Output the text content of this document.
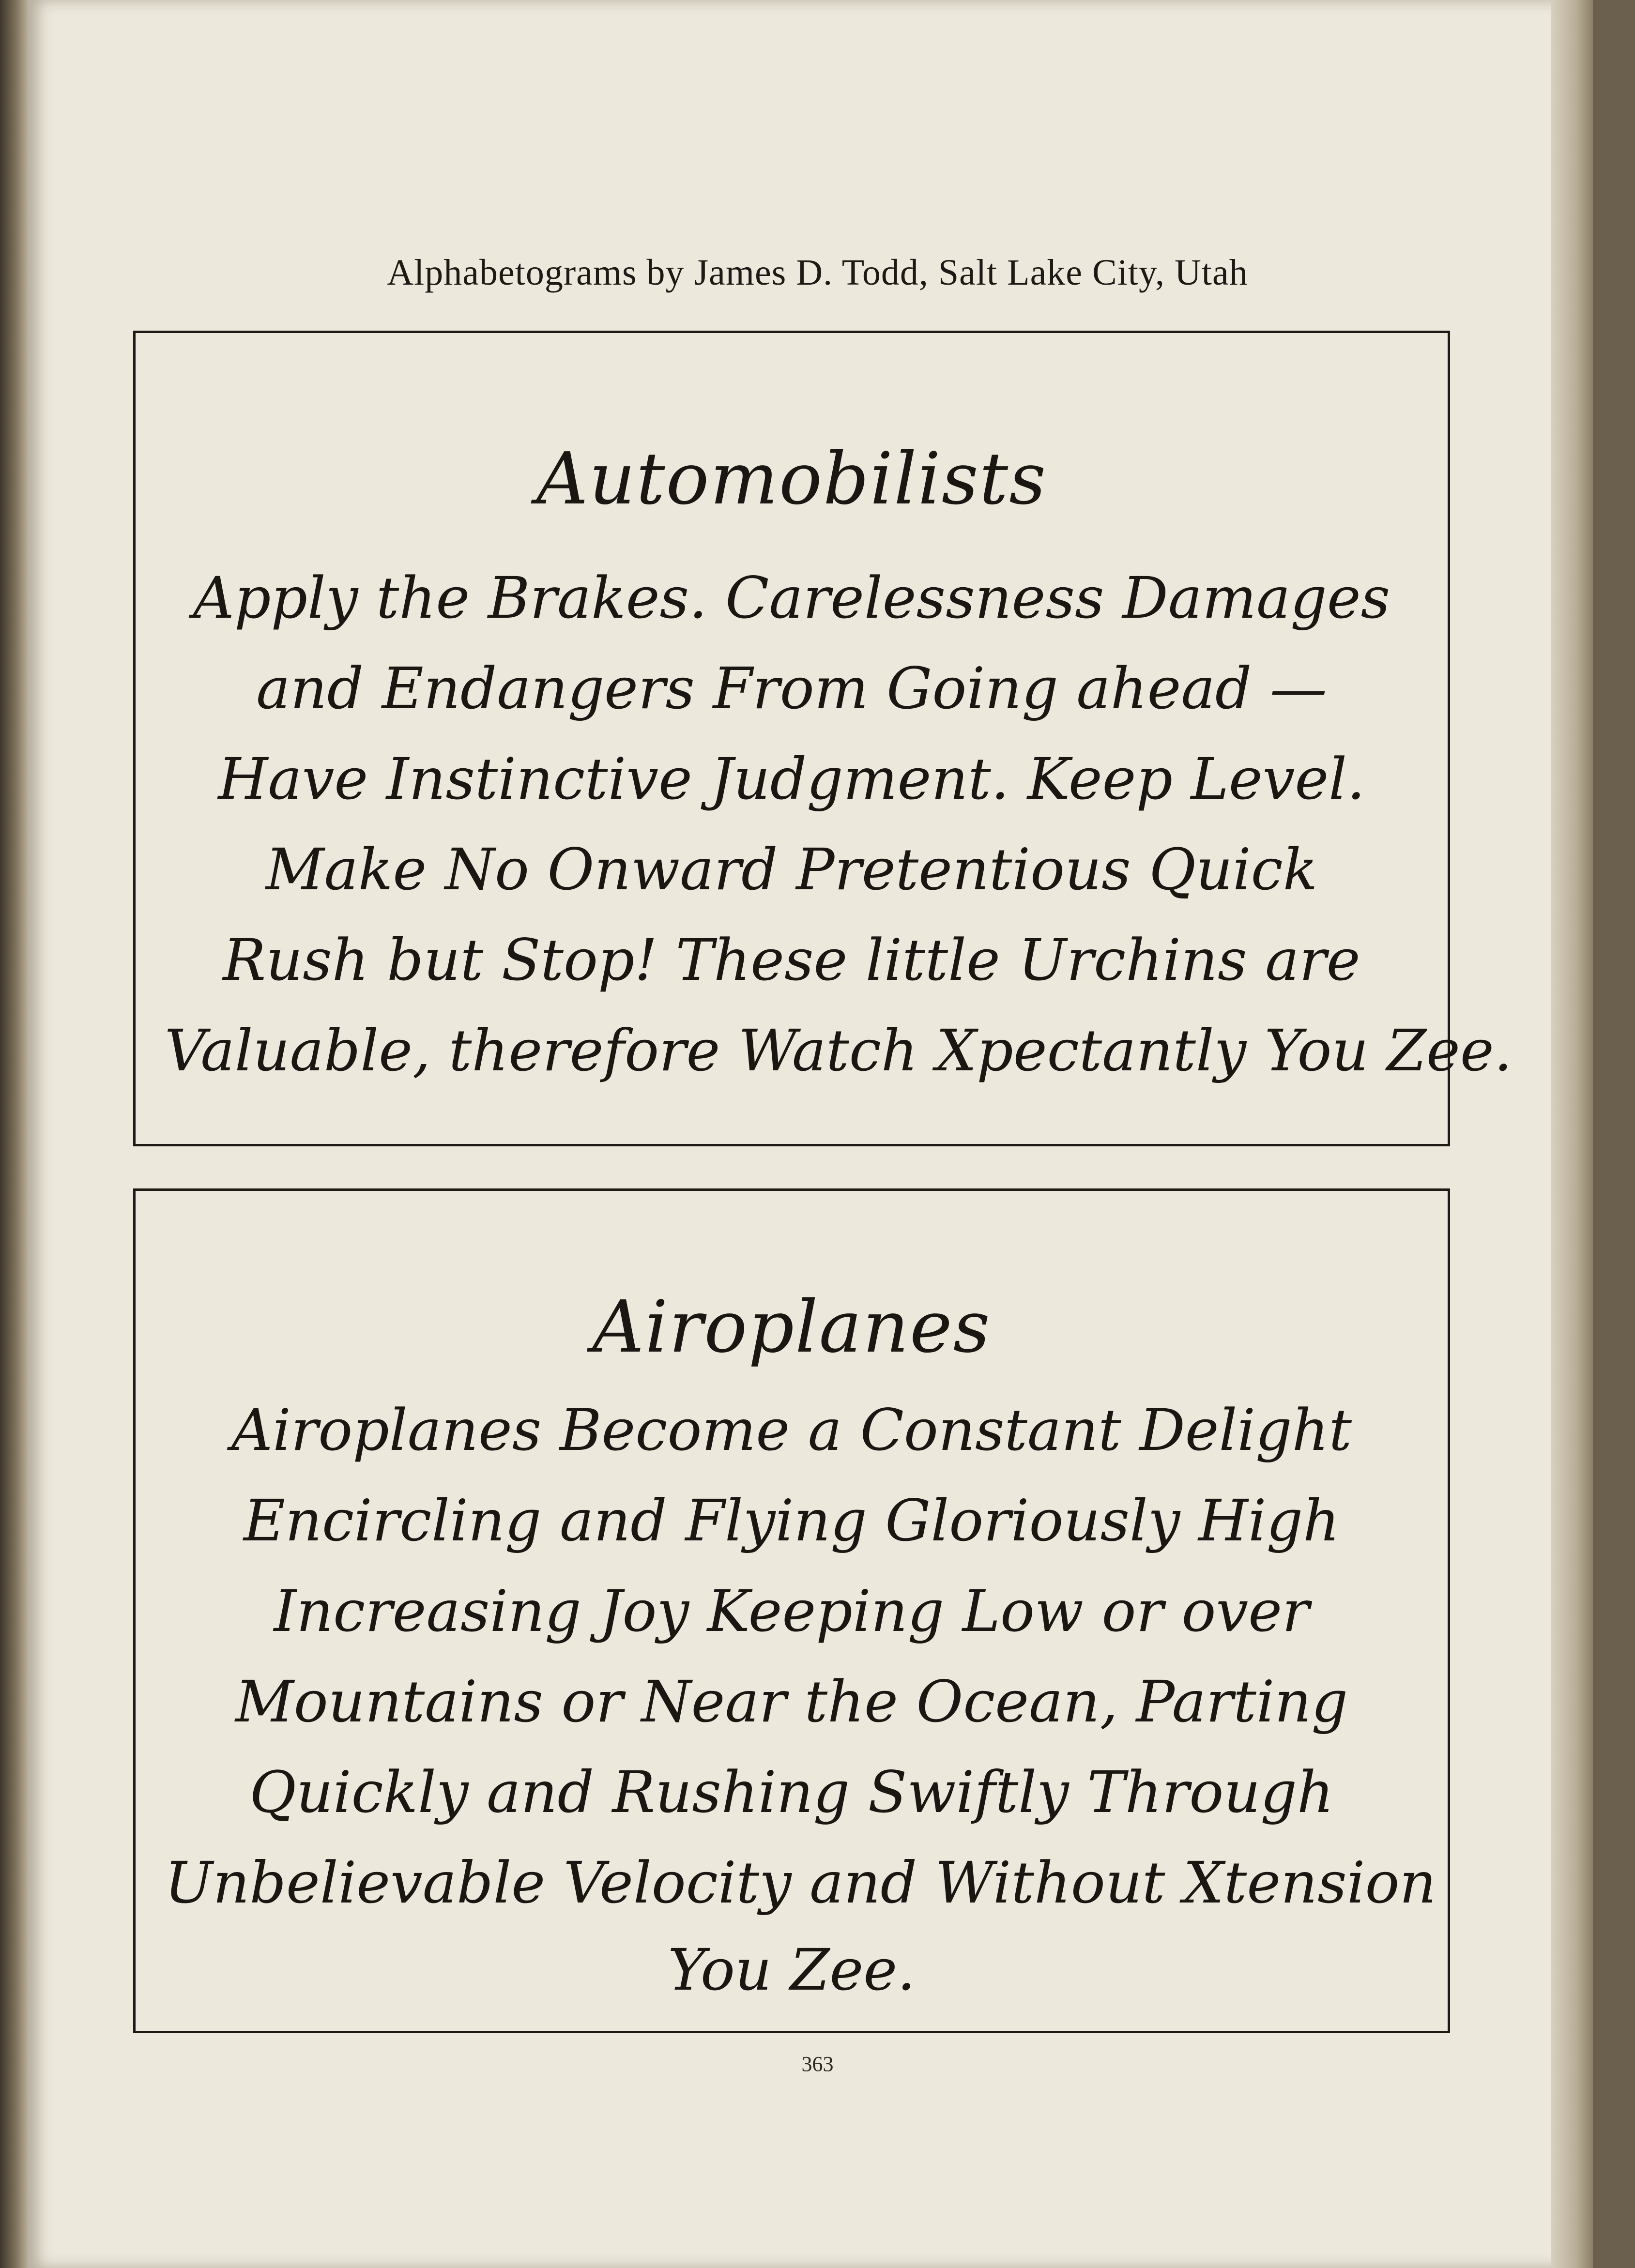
Alphabetograms by James D. Todd, Salt Lake City, Utah
Automobilists
Apply the Brakes. Carelessness Damages
and Endangers From Going ahead —
Have Instinctive Judgment. Keep Level.
Make No Onward Pretentious Quick
Rush but Stop! These little Urchins are
Valuable, therefore Watch Xpectantly You Zee.
Airoplanes
Airoplanes Become a Constant Delight
Encircling and Flying Gloriously High
Increasing Joy Keeping Low or over
Mountains or Near the Ocean, Parting
Quickly and Rushing Swiftly Through
Unbelievable Velocity and Without Xtension
You Zee.
363
